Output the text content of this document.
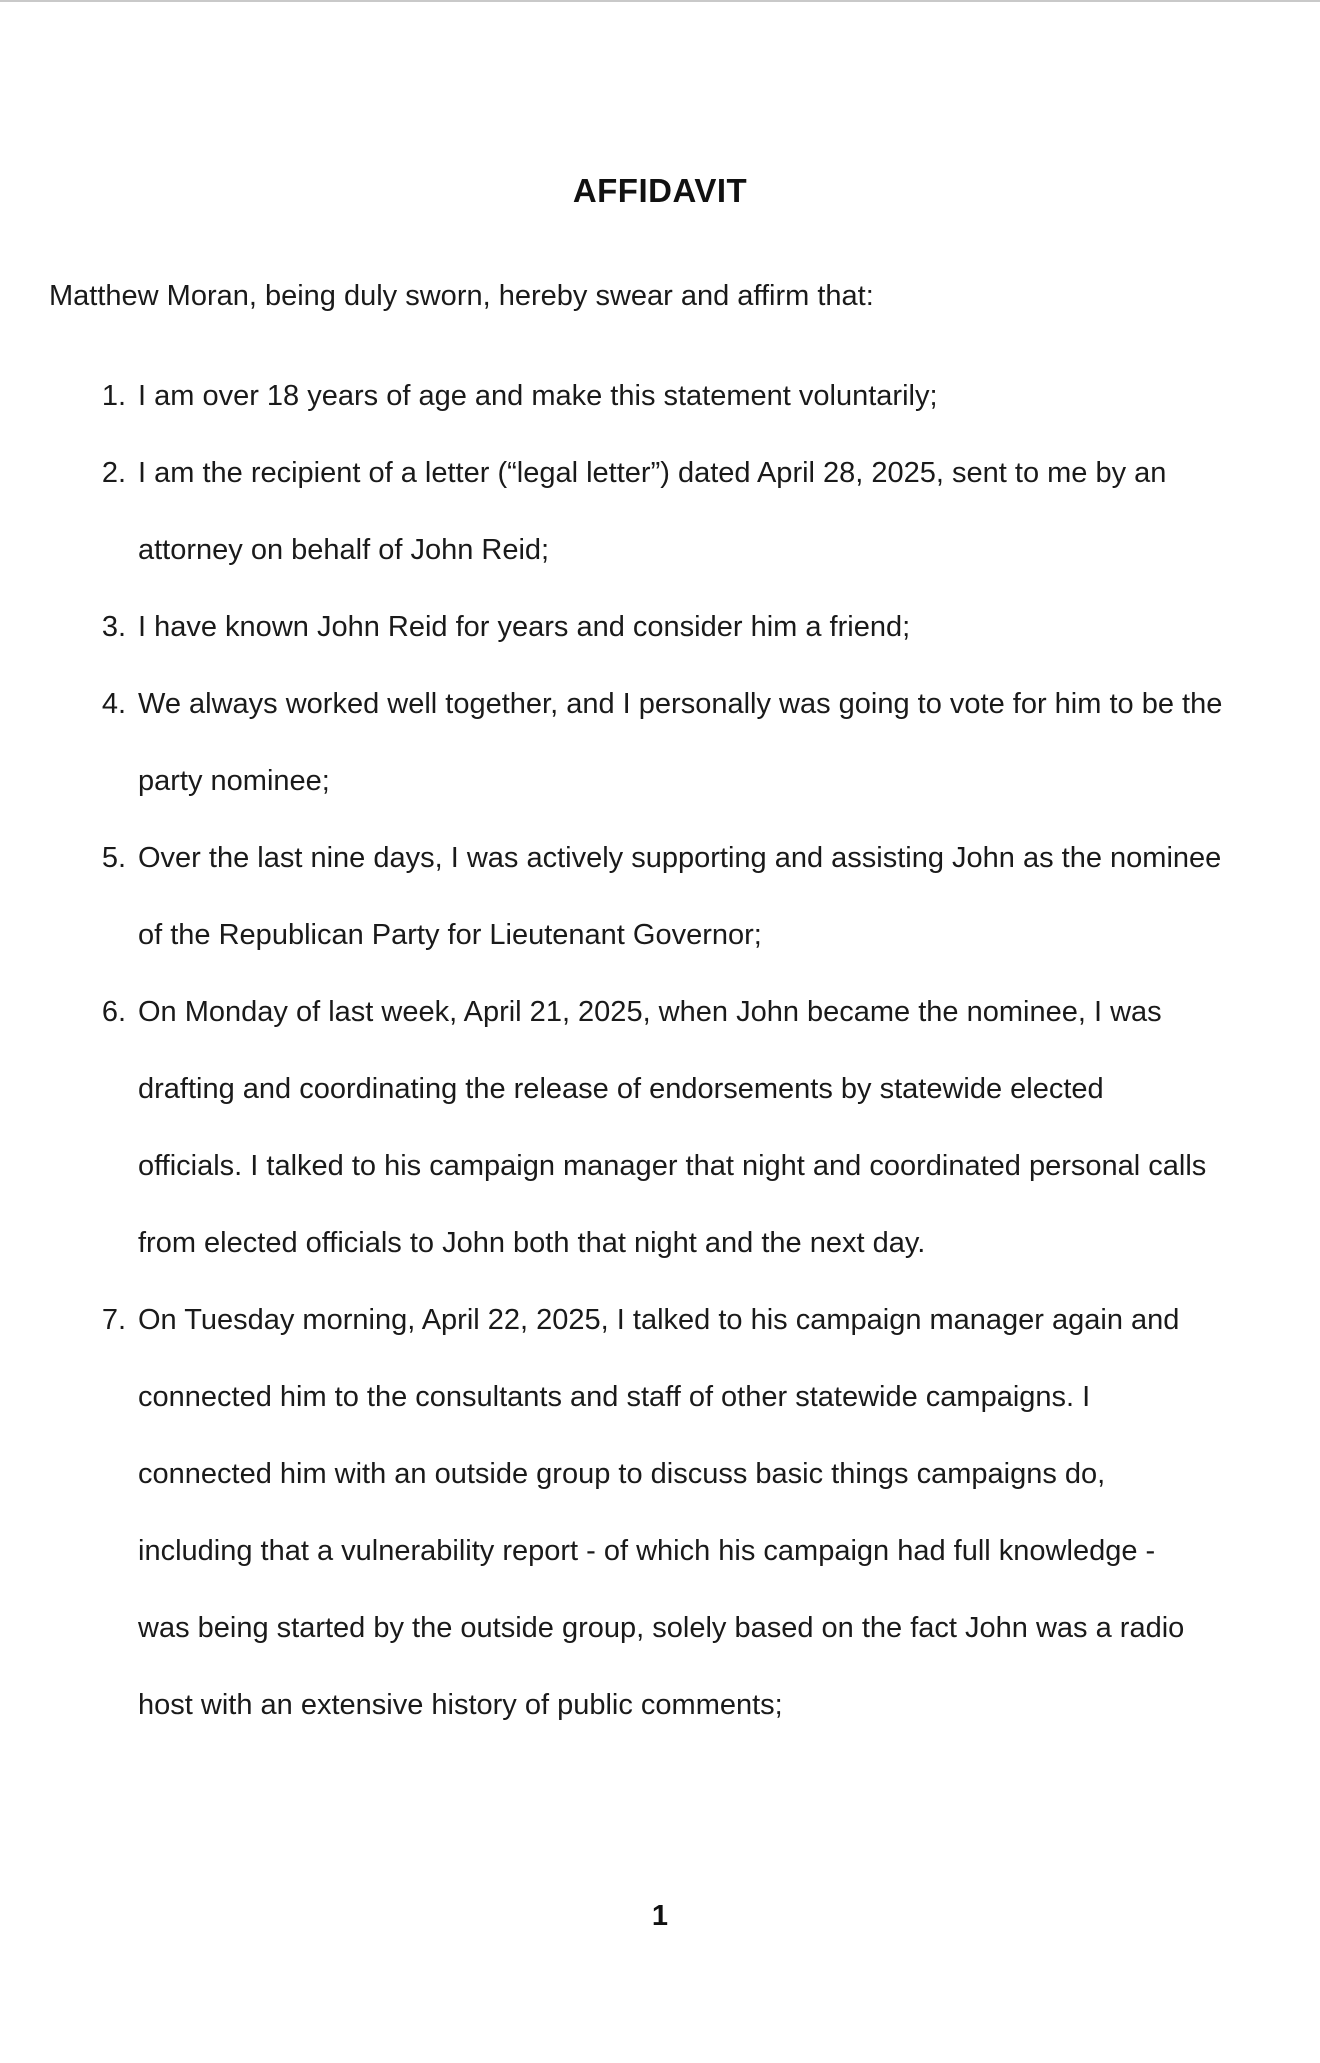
AFFIDAVIT
Matthew Moran, being duly sworn, hereby swear and affirm that:
1. I am over 18 years of age and make this statement voluntarily;
2. I am the recipient of a letter (“legal letter”) dated April 28, 2025, sent to me by an
attorney on behalf of John Reid;
3. I have known John Reid for years and consider him a friend;
4. We always worked well together, and I personally was going to vote for him to be the
party nominee;
5. Over the last nine days, I was actively supporting and assisting John as the nominee
of the Republican Party for Lieutenant Governor;
6. On Monday of last week, April 21, 2025, when John became the nominee, I was
drafting and coordinating the release of endorsements by statewide elected
officials. I talked to his campaign manager that night and coordinated personal calls
from elected officials to John both that night and the next day.
7. On Tuesday morning, April 22, 2025, I talked to his campaign manager again and
connected him to the consultants and staff of other statewide campaigns. I
connected him with an outside group to discuss basic things campaigns do,
including that a vulnerability report - of which his campaign had full knowledge -
was being started by the outside group, solely based on the fact John was a radio
host with an extensive history of public comments;
1
